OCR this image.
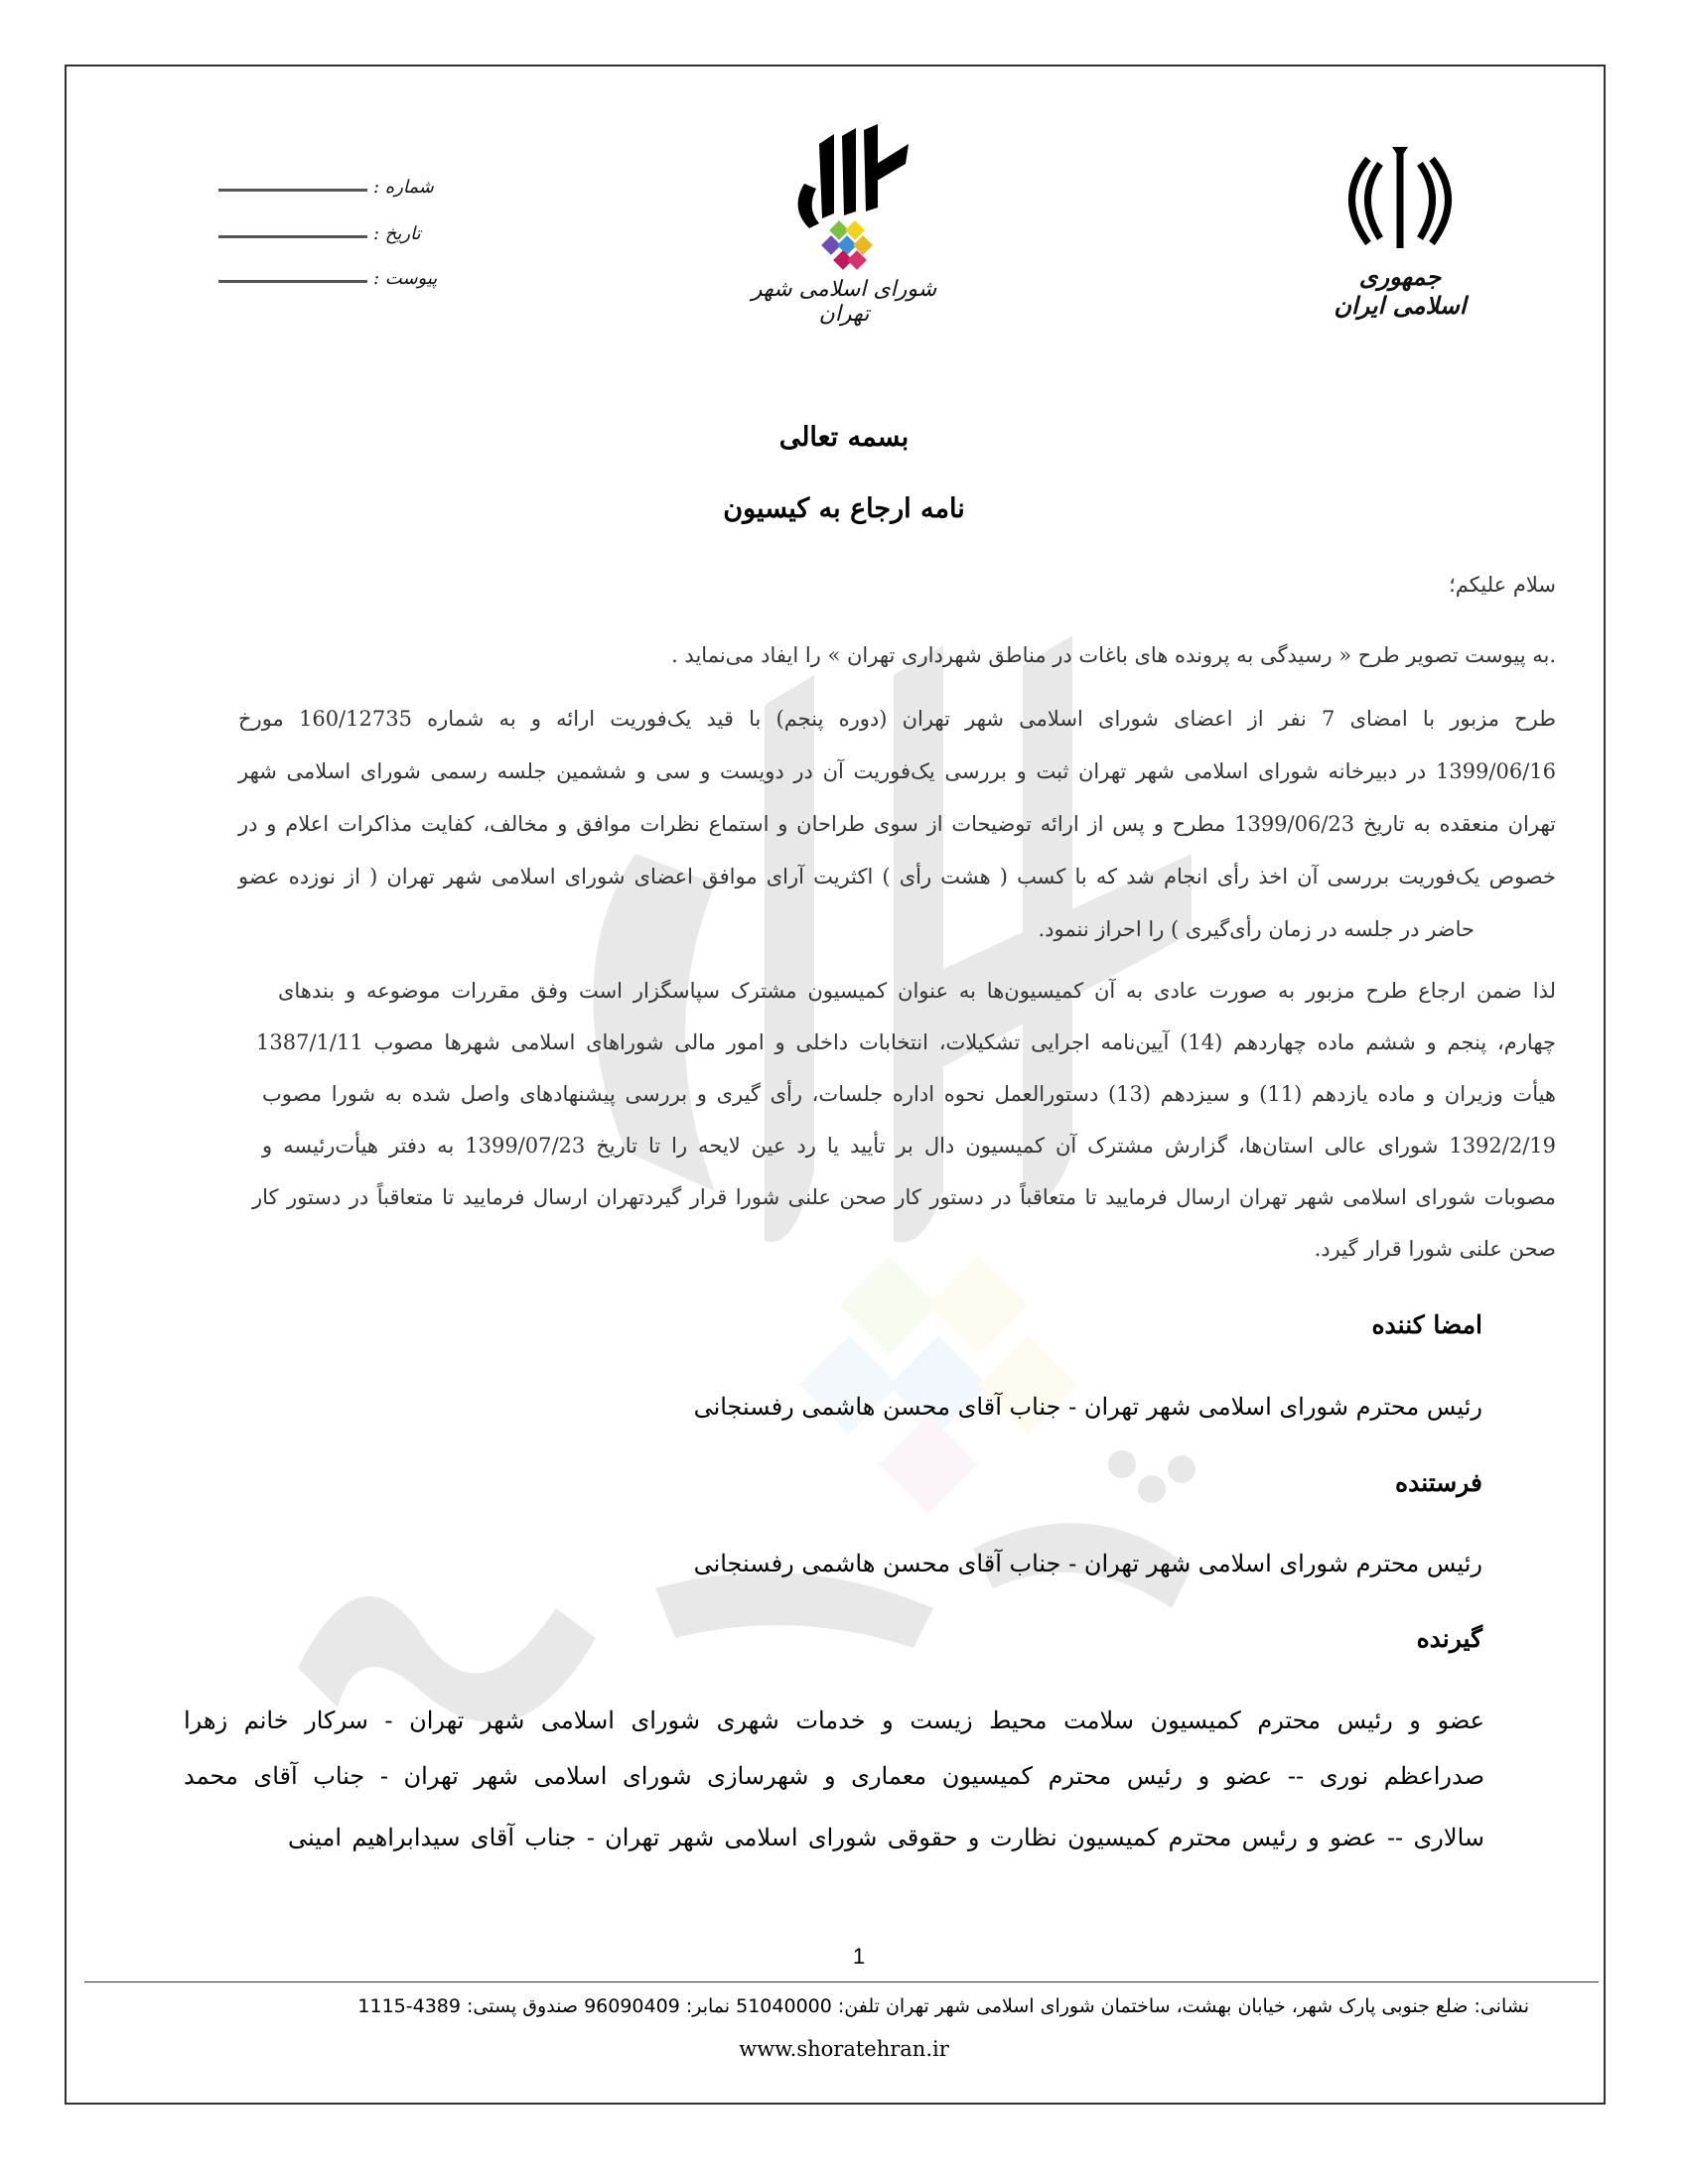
جمهوری اسلامی ایران
شورای اسلامی شهر تهران
شماره :
تاریخ :
پیوست :
بسمه تعالی
نامه ارجاع به کیسیون
سلام علیکم؛
.به پیوست تصویر طرح « رسیدگی به پرونده های باغات در مناطق شهرداری تهران » را ایفاد می‌نماید .
طرح مزبور با امضای 7 نفر از اعضای شورای اسلامی شهر تهران (دوره پنجم) با قید یک‌فوریت ارائه و به شماره 160/12735 مورخ
1399/06/16 در دبیرخانه شورای اسلامی شهر تهران ثبت و بررسی یک‌فوریت آن در دویست و سی و ششمین جلسه رسمی شورای اسلامی شهر
تهران منعقده به تاریخ 1399/06/23 مطرح و پس از ارائه توضیحات از سوی طراحان و استماع نظرات موافق و مخالف، کفایت مذاکرات اعلام و در
خصوص یک‌فوریت بررسی آن اخذ رأی انجام شد که با کسب ( هشت رأی ) اکثریت آرای موافق اعضای شورای اسلامی شهر تهران ( از نوزده عضو
حاضر در جلسه در زمان رأی‌گیری ) را احراز ننمود.
لذا ضمن ارجاع طرح مزبور به صورت عادی به آن کمیسیون‌ها به عنوان کمیسیون مشترک سپاسگزار است وفق مقررات موضوعه و بندهای
چهارم، پنجم و ششم ماده چهاردهم (14) آیین‌نامه اجرایی تشکیلات، انتخابات داخلی و امور مالی شوراهای اسلامی شهرها مصوب 1387/1/11
هیأت وزیران و ماده یازدهم (11) و سیزدهم (13) دستورالعمل نحوه اداره جلسات، رأی گیری و بررسی پیشنهادهای واصل شده به شورا مصوب
1392/2/19 شورای عالی استان‌ها، گزارش مشترک آن کمیسیون دال بر تأیید یا رد عین لایحه را تا تاریخ 1399/07/23 به دفتر هیأت‌رئیسه و
مصوبات شورای اسلامی شهر تهران ارسال فرمایید تا متعاقباً در دستور کار صحن علنی شورا قرار گیردتهران ارسال فرمایید تا متعاقباً در دستور کار
صحن علنی شورا قرار گیرد.
امضا کننده
رئیس محترم شورای اسلامی شهر تهران - جناب آقای محسن هاشمی رفسنجانی
فرستنده
رئیس محترم شورای اسلامی شهر تهران - جناب آقای محسن هاشمی رفسنجانی
گیرنده
عضو و رئیس محترم کمیسیون سلامت محیط زیست و خدمات شهری شورای اسلامی شهر تهران - سرکار خانم زهرا
صدراعظم نوری -- عضو و رئیس محترم کمیسیون معماری و شهرسازی شورای اسلامی شهر تهران - جناب آقای محمد
سالاری -- عضو و رئیس محترم کمیسیون نظارت و حقوقی شورای اسلامی شهر تهران - جناب آقای سیدابراهیم امینی
1
نشانی: ضلع جنوبی پارک شهر، خیابان بهشت، ساختمان شورای اسلامی شهر تهران تلفن: 51040000 نمابر: 96090409 صندوق پستی: 4389-1115
www.shoratehran.ir
